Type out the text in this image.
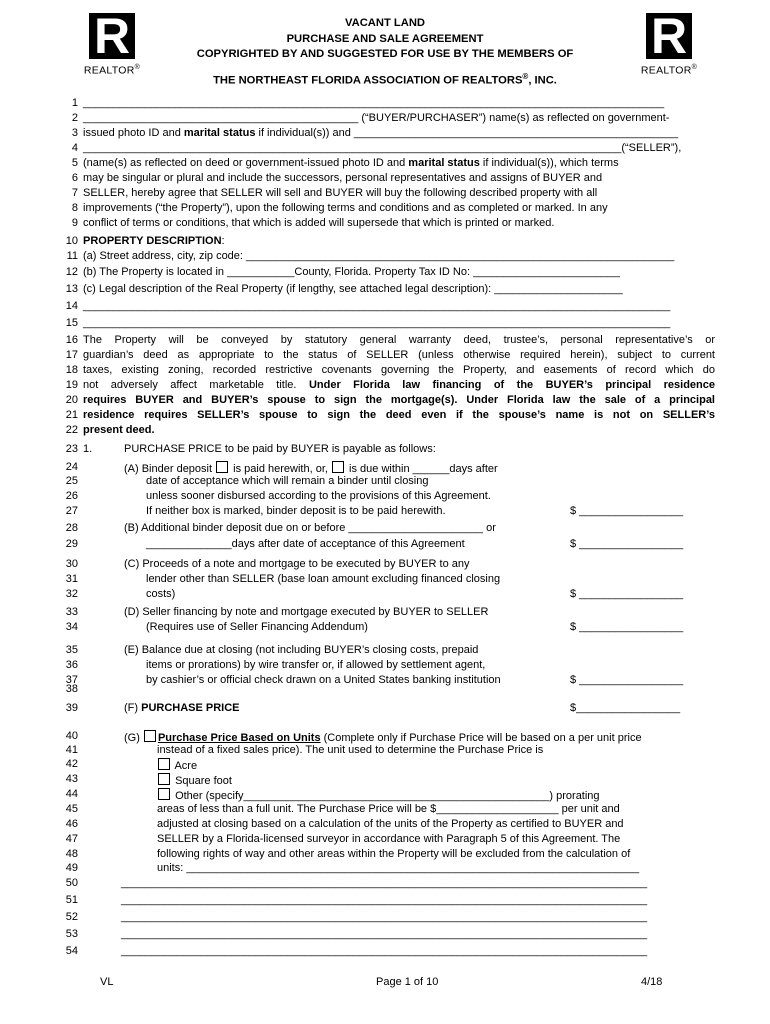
R
REALTOR®
R
REALTOR®
VACANT LAND
PURCHASE AND SALE AGREEMENT
COPYRIGHTED BY AND SUGGESTED FOR USE BY THE MEMBERS OF
THE NORTHEAST FLORIDA ASSOCIATION OF REALTORS®, INC.
1
2
3
4
5
6
7
8
9
10
11
12
13
14
15
16
17
18
19
20
21
22
23
24
25
26
27
28
29
30
31
32
33
34
35
36
37
38
39
40
41
42
43
44
45
46
47
48
49
50
51
52
53
54
_______________________________________________________________________________________________
_____________________________________________ (“BUYER/PURCHASER”) name(s) as reflected on government-
issued photo ID and marital status if individual(s)) and _____________________________________________________
________________________________________________________________________________________(“SELLER”),
(name(s) as reflected on deed or government-issued photo ID and marital status if individual(s)), which terms
may be singular or plural and include the successors, personal representatives and assigns of BUYER and
SELLER, hereby agree that SELLER will sell and BUYER will buy the following described property with all
improvements (“the Property”), upon the following terms and conditions and as completed or marked. In any
conflict of terms or conditions, that which is added will supersede that which is printed or marked.
PROPERTY DESCRIPTION:
(a) Street address, city, zip code: ______________________________________________________________________
(b) The Property is located in ___________County, Florida. Property Tax ID No: ________________________
(c) Legal description of the Real Property (if lengthy, see attached legal description): _____________________
________________________________________________________________________________________________
________________________________________________________________________________________________
The Property will be conveyed by statutory general warranty deed, trustee’s, personal representative’s or
guardian’s deed as appropriate to the status of SELLER (unless otherwise required herein), subject to current
taxes, existing zoning, recorded restrictive covenants governing the Property, and easements of record which do
not adversely affect marketable title. Under Florida law financing of the BUYER’s principal residence
requires BUYER and BUYER’s spouse to sign the mortgage(s). Under Florida law the sale of a principal
residence requires SELLER’s spouse to sign the deed even if the spouse’s name is not on SELLER’s
present deed.
1.	PURCHASE PRICE to be paid by BUYER is payable as follows:
(A) Binder deposit  is paid herewith, or,  is due within ______days after
date of acceptance which will remain a binder until closing
unless sooner disbursed according to the provisions of this Agreement.
If neither box is marked, binder deposit is to be paid herewith.	$ _________________
(B) Additional binder deposit due on or before ______________________ or
______________days after date of acceptance of this Agreement	$ _________________
(C) Proceeds of a note and mortgage to be executed by BUYER to any
lender other than SELLER (base loan amount excluding financed closing
costs)	$ _________________
(D) Seller financing by note and mortgage executed by BUYER to SELLER
(Requires use of Seller Financing Addendum)	$ _________________
(E) Balance due at closing (not including BUYER’s closing costs, prepaid
items or prorations) by wire transfer or, if allowed by settlement agent,
by cashier’s or official check drawn on a United States banking institution	$ _________________
(F) PURCHASE PRICE	$_________________
(G) Purchase Price Based on Units (Complete only if Purchase Price will be based on a per unit price
instead of a fixed sales price). The unit used to determine the Purchase Price is
Acre
Square foot
Other (specify__________________________________________________) prorating
areas of less than a full unit. The Purchase Price will be $____________________ per unit and
adjusted at closing based on a calculation of the units of the Property as certified to BUYER and
SELLER by a Florida-licensed surveyor in accordance with Paragraph 5 of this Agreement. The
following rights of way and other areas within the Property will be excluded from the calculation of
units: __________________________________________________________________________
______________________________________________________________________________________
______________________________________________________________________________________
______________________________________________________________________________________
______________________________________________________________________________________
______________________________________________________________________________________
VL	Page 1 of 10	4/18
